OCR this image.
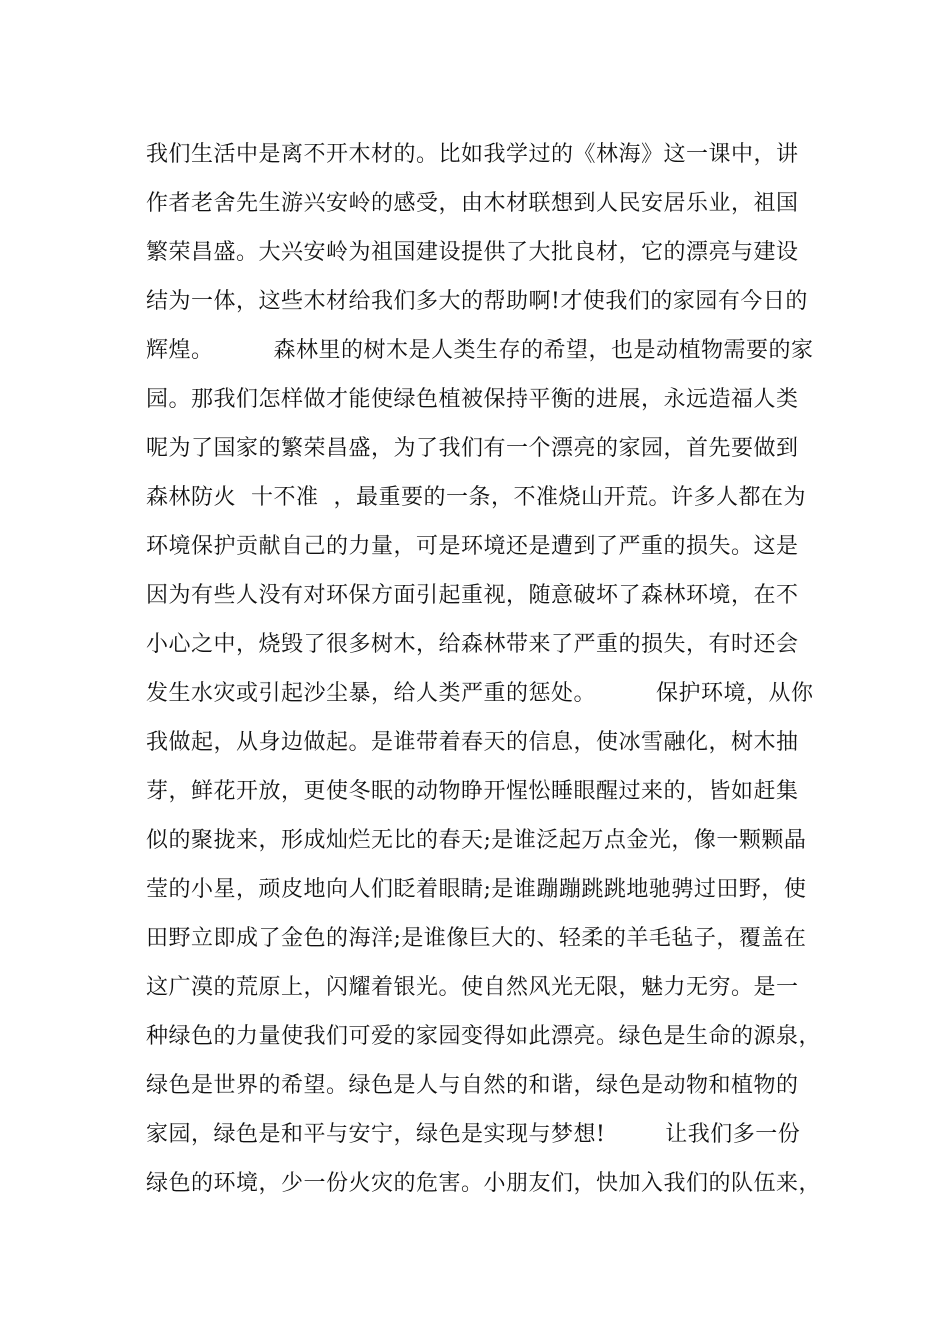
我们生活中是离不开木材的。比如我学过的《林海》这一课中，讲
作者老舍先生游兴安岭的感受，由木材联想到人民安居乐业，祖国
繁荣昌盛。大兴安岭为祖国建设提供了大批良材，它的漂亮与建设
结为一体，这些木材给我们多大的帮助啊!才使我们的家园有今日的
辉煌。        森林里的树木是人类生存的希望，也是动植物需要的家
园。那我们怎样做才能使绿色植被保持平衡的进展，永远造福人类
呢为了国家的繁荣昌盛，为了我们有一个漂亮的家园，首先要做到
森林防火  十不准  ，最重要的一条，不准烧山开荒。许多人都在为
环境保护贡献自己的力量，可是环境还是遭到了严重的损失。这是
因为有些人没有对环保方面引起重视，随意破坏了森林环境，在不
小心之中，烧毁了很多树木，给森林带来了严重的损失，有时还会
发生水灾或引起沙尘暴，给人类严重的惩处。        保护环境，从你
我做起，从身边做起。是谁带着春天的信息，使冰雪融化，树木抽
芽，鲜花开放，更使冬眠的动物睁开惺忪睡眼醒过来的，皆如赶集
似的聚拢来，形成灿烂无比的春天;是谁泛起万点金光，像一颗颗晶
莹的小星，顽皮地向人们眨着眼睛;是谁蹦蹦跳跳地驰骋过田野，使
田野立即成了金色的海洋;是谁像巨大的、轻柔的羊毛毡子，覆盖在
这广漠的荒原上，闪耀着银光。使自然风光无限，魅力无穷。是一
种绿色的力量使我们可爱的家园变得如此漂亮。绿色是生命的源泉，
绿色是世界的希望。绿色是人与自然的和谐，绿色是动物和植物的
家园，绿色是和平与安宁，绿色是实现与梦想!        让我们多一份
绿色的环境，少一份火灾的危害。小朋友们，快加入我们的队伍来，
